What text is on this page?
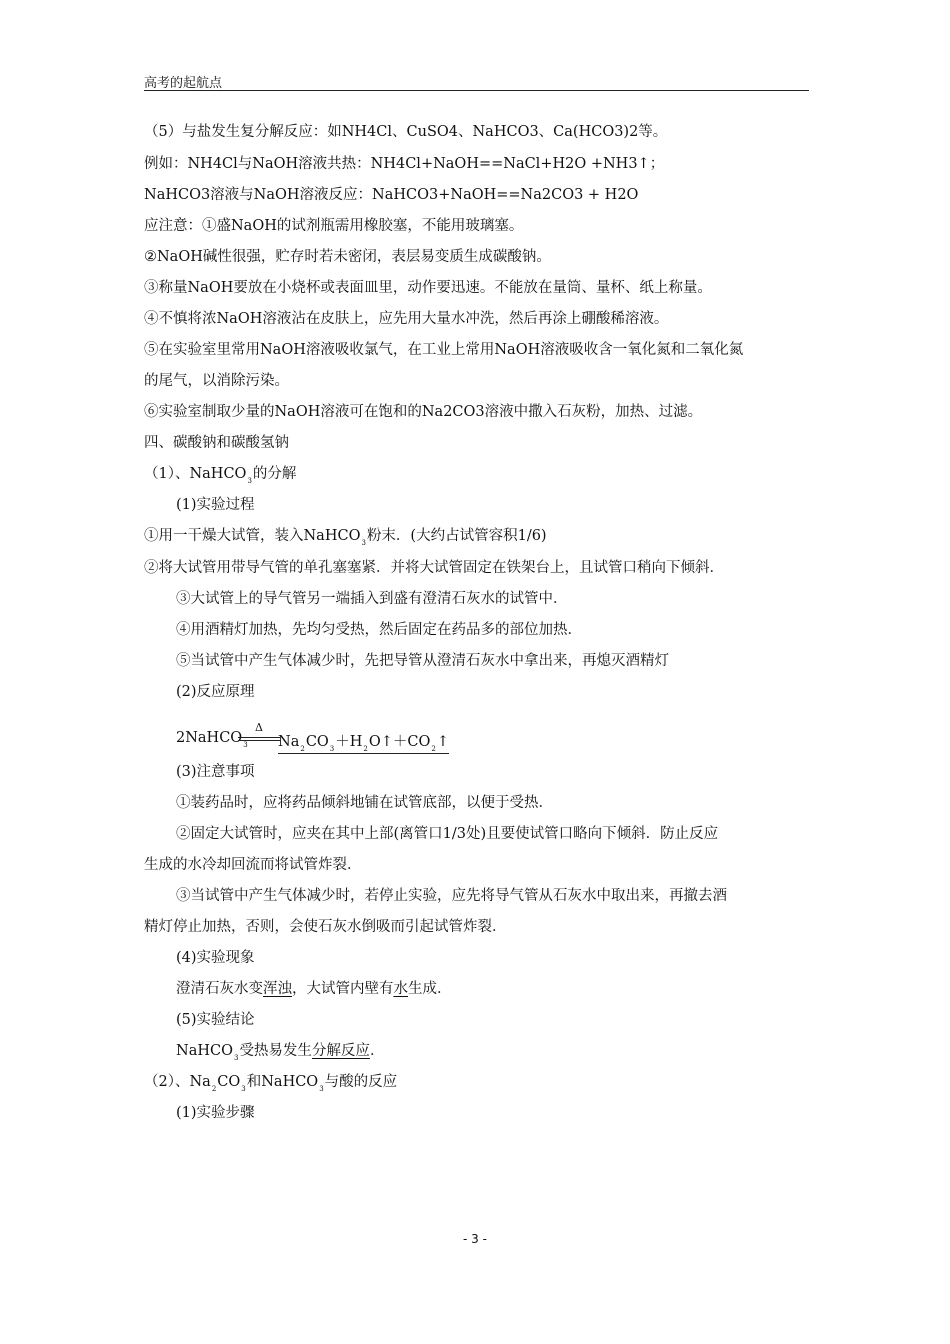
高考的起航点
（5）与盐发生复分解反应：如NH4Cl、CuSO4、NaHCO3、Ca(HCO3)2等。
例如：NH4Cl与NaOH溶液共热：NH4Cl+NaOH==NaCl+H2O +NH3↑；
NaHCO3溶液与NaOH溶液反应：NaHCO3+NaOH==Na2CO3 + H2O
应注意：①盛NaOH的试剂瓶需用橡胶塞，不能用玻璃塞。
②NaOH碱性很强，贮存时若未密闭，表层易变质生成碳酸钠。
③称量NaOH要放在小烧杯或表面皿里，动作要迅速。不能放在量筒、量杯、纸上称量。
④不慎将浓NaOH溶液沾在皮肤上，应先用大量水冲洗，然后再涂上硼酸稀溶液。
⑤在实验室里常用NaOH溶液吸收氯气，在工业上常用NaOH溶液吸收含一氧化氮和二氧化氮
的尾气，以消除污染。
⑥实验室制取少量的NaOH溶液可在饱和的Na2CO3溶液中撒入石灰粉，加热、过滤。
四、碳酸钠和碳酸氢钠
（1）、NaHCO$_3$的分解
(1)实验过程
①用一干燥大试管，装入NaHCO$_3$粉末．(大约占试管容积1/6)
②将大试管用带导气管的单孔塞塞紧．并将大试管固定在铁架台上，且试管口稍向下倾斜．
③大试管上的导气管另一端插入到盛有澄清石灰水的试管中．
④用酒精灯加热，先均匀受热，然后固定在药品多的部位加热．
⑤当试管中产生气体减少时，先把导管从澄清石灰水中拿出来，再熄灭酒精灯
(2)反应原理
2NaHCO$_3$
Δ
$Na_2CO_3+H_2O↑+CO_2↑$
(3)注意事项
①装药品时，应将药品倾斜地铺在试管底部，以便于受热．
②固定大试管时，应夹在其中上部(离管口1/3处)且要使试管口略向下倾斜．防止反应
生成的水冷却回流而将试管炸裂．
③当试管中产生气体减少时，若停止实验，应先将导气管从石灰水中取出来，再撤去酒
精灯停止加热，否则，会使石灰水倒吸而引起试管炸裂．
(4)实验现象
澄清石灰水变浑浊，大试管内壁有水生成．
(5)实验结论
NaHCO$_3$受热易发生分解反应．
（2）、$Na_2CO_3$和NaHCO$_3$与酸的反应
(1)实验步骤
- 3 -
